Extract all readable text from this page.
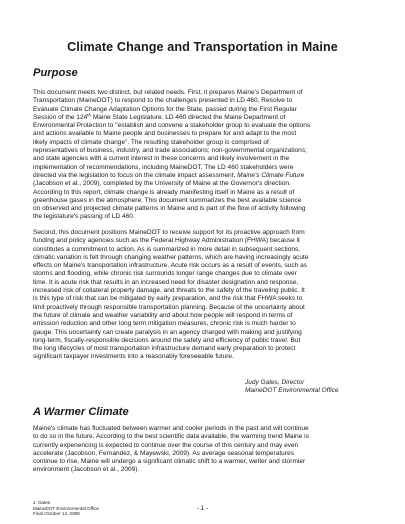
Climate Change and Transportation in Maine
Purpose

This document meets two distinct, but related needs. First, it prepares Maine's Department of
Transportation (MaineDOT) to respond to the challenges presented in LD 460, Resolve to
Evaluate Climate Change Adaptation Options for the State, passed during the First Regular
Session of the 124th Maine State Legislature. LD 460 directed the Maine Department of
Environmental Protection to "establish and convene a stakeholder group to evaluate the options
and actions available to Maine people and businesses to prepare for and adapt to the most
likely impacts of climate change". The resulting stakeholder group is comprised of
representatives of business, industry, and trade associations; non-governmental organizations;
and state agencies with a current interest in these concerns and likely involvement in the
implementation of recommendations, including MaineDOT. The LD 460 stakeholders were
directed via the legislation to focus on the climate impact assessment, Maine's Climate Future
(Jacobson et al., 2009), completed by the University of Maine at the Governor's direction.
According to this report, climate change is already manifesting itself in Maine as a result of
greenhouse gases in the atmosphere. This document summarizes the best available science
on observed and projected climate patterns in Maine and is part of the flow of activity following
the legislature's passing of LD 460.

Second, this document positions MaineDOT to receive support for its proactive approach from
funding and policy agencies such as the Federal Highway Administration (FHWA) because it
constitutes a commitment to action. As is summarized in more detail in subsequent sections,
climatic variation is felt through changing weather patterns, which are having increasingly acute
effects on Maine's transportation infrastructure. Acute risk occurs as a result of events, such as
storms and flooding, while chronic risk surrounds longer range changes due to climate over
time. It is acute risk that results in an increased need for disaster designation and response,
increased risk of collateral property damage, and threats to the safety of the traveling public. It
is this type of risk that can be mitigated by early preparation, and the risk that FHWA seeks to
limit proactively through responsible transportation planning. Because of the uncertainty about
the future of climate and weather variability and about how people will respond in terms of
emission reduction and other long term mitigation measures, chronic risk is much harder to
gauge. This uncertainty can create paralysis in an agency charged with making and justifying
long-term, fiscally-responsible decisions around the safety and efficiency of public travel. But
the long lifecycles of most transportation infrastructure demand early preparation to protect
significant taxpayer investments into a reasonably foreseeable future.

Judy Gates, Director
MaineDOT Environmental Office
A Warmer Climate

Maine's climate has fluctuated between warmer and cooler periods in the past and will continue
to do so in the future. According to the best scientific data available, the warming trend Maine is
currently experiencing is expected to continue over the course of this century and may even
accelerate (Jacobson, Fernandez, & Mayewski, 2009). As average seasonal temperatures
continue to rise, Maine will undergo a significant climatic shift to a warmer, wetter and stormier
environment (Jacobson et al., 2009).

J. Gates
MaineDOT Environmental Office
Final October 14, 2009
- 1 -
